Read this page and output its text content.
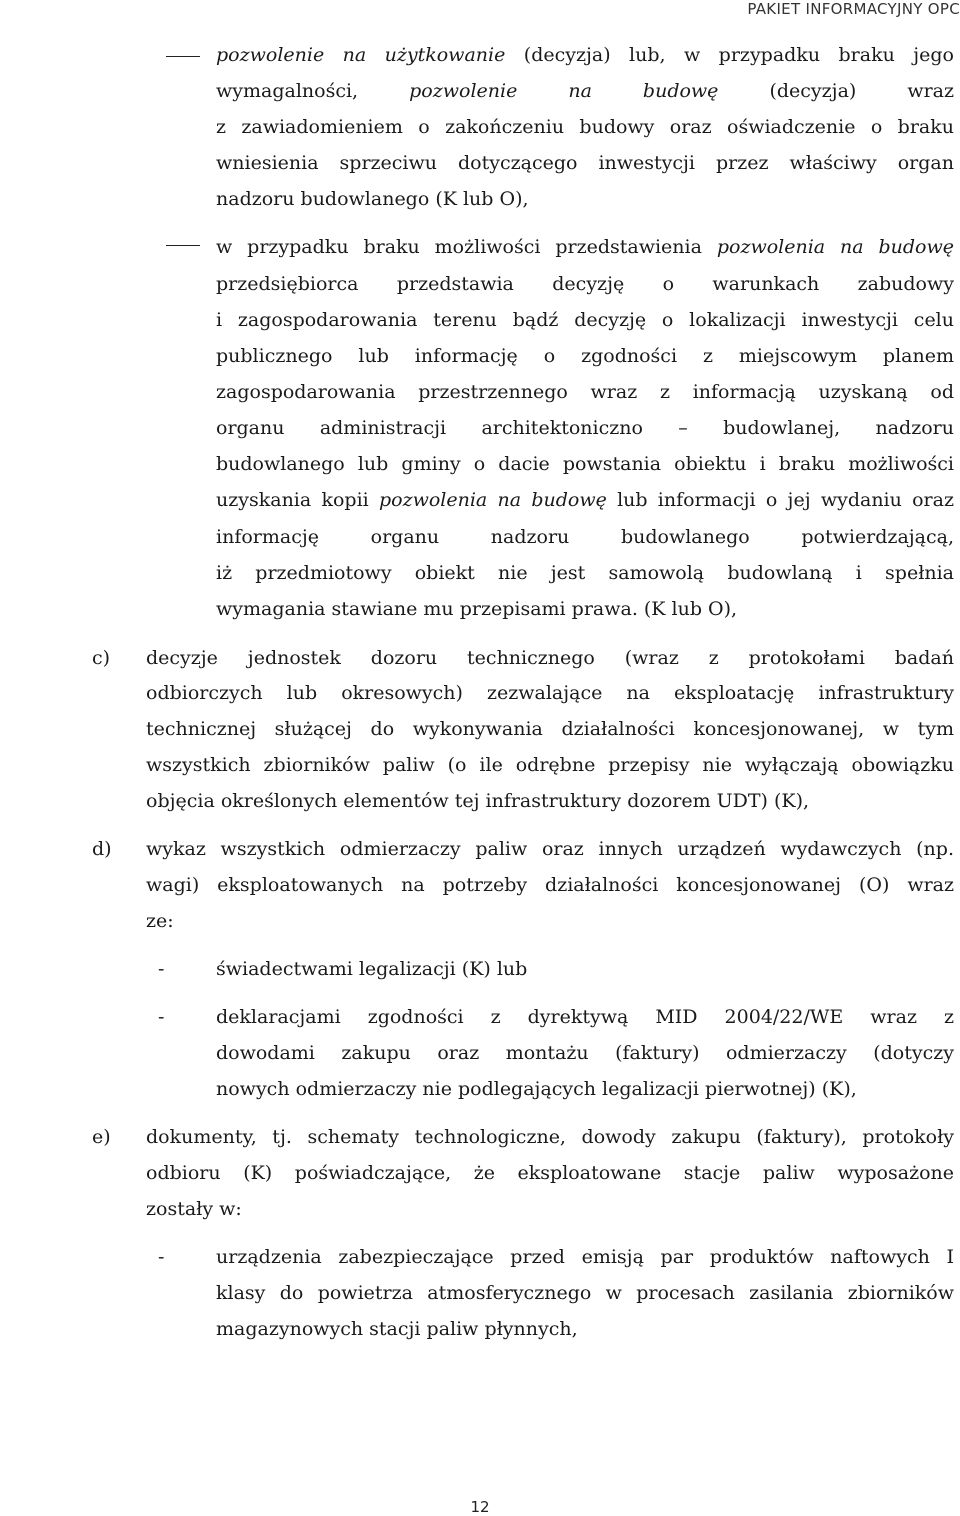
PAKIET INFORMACYJNY OPC
pozwolenie na użytkowanie (decyzja) lub, w przypadku braku jego
wymagalności,	pozwolenie na budowę	(decyzja) wraz
z zawiadomieniem o zakończeniu budowy oraz oświadczenie o braku
wniesienia sprzeciwu dotyczącego inwestycji przez właściwy organ
nadzoru budowlanego (K lub O),
w przypadku braku możliwości przedstawienia pozwolenia na budowę
przedsiębiorca przedstawia decyzję o warunkach zabudowy
i zagospodarowania terenu bądź decyzję o lokalizacji inwestycji celu
publicznego lub informację o zgodności z miejscowym planem
zagospodarowania przestrzennego wraz z informacją uzyskaną od
organu administracji architektoniczno – budowlanej, nadzoru
budowlanego lub gminy o dacie powstania obiektu i braku możliwości
uzyskania kopii pozwolenia na budowę lub informacji o jej wydaniu oraz
informację organu nadzoru budowlanego potwierdzającą,
iż przedmiotowy obiekt nie jest samowolą budowlaną i spełnia
wymagania stawiane mu przepisami prawa. (K lub O),
c) decyzje jednostek dozoru technicznego (wraz z protokołami badań
odbiorczych lub okresowych) zezwalające na eksploatację infrastruktury
technicznej służącej do wykonywania działalności koncesjonowanej, w tym
wszystkich zbiorników paliw (o ile odrębne przepisy nie wyłączają obowiązku
objęcia określonych elementów tej infrastruktury dozorem UDT) (K),
d) wykaz wszystkich odmierzaczy paliw oraz innych urządzeń wydawczych (np.
wagi) eksploatowanych na potrzeby działalności koncesjonowanej (O) wraz
ze:
-	świadectwami legalizacji (K) lub
-	deklaracjami zgodności z dyrektywą MID 2004/22/WE wraz z
dowodami zakupu oraz montażu (faktury) odmierzaczy (dotyczy
nowych odmierzaczy nie podlegających legalizacji pierwotnej) (K),
e) dokumenty, tj. schematy technologiczne, dowody zakupu (faktury), protokoły
odbioru (K) poświadczające, że eksploatowane stacje paliw wyposażone
zostały w:
-	urządzenia zabezpieczające przed emisją par produktów naftowych I
klasy do powietrza atmosferycznego w procesach zasilania zbiorników
magazynowych stacji paliw płynnych,
12
